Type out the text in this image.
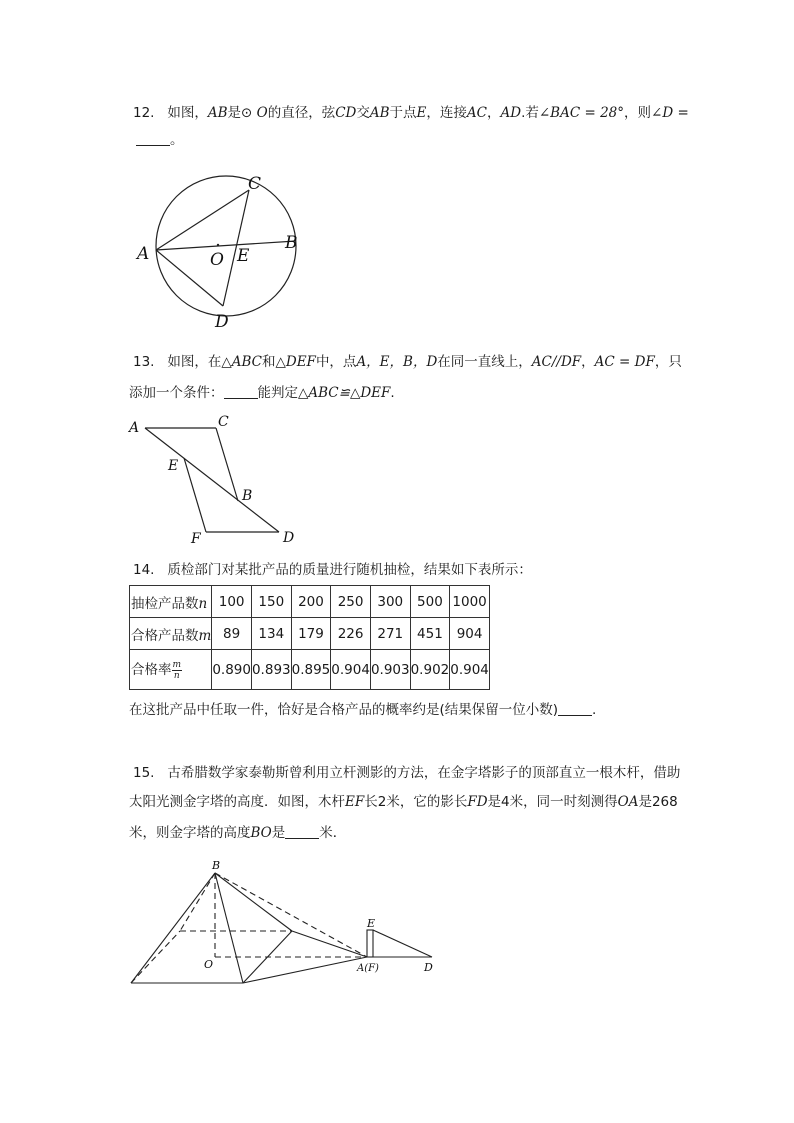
12. 如图，AB是⊙ O的直径，弦CD交AB于点E，连接AC，AD.若∠BAC = 28°，则∠D =
。
A
B
C
D
E
O
13. 如图，在△ABC和△DEF中，点A，E，B，D在同一直线上，AC//DF，AC = DF，只
添加一个条件：	能判定△ABC≌△DEF.
A	C
E
B
F	D
14. 质检部门对某批产品的质量进行随机抽检，结果如下表所示：
抽检产品数n	100	150	200	250	300	500	1000
合格产品数m	89	134	179	226	271	451	904
合格率 $\frac{m}{n}$	0.890	0.893	0.895	0.904	0.903	0.902	0.904
在这批产品中任取一件，恰好是合格产品的概率约是(结果保留一位小数)	.
15. 古希腊数学家泰勒斯曾利用立杆测影的方法，在金字塔影子的顶部直立一根木杆，借助
太阳光测金字塔的高度．如图，木杆EF长2米，它的影长FD是4米，同一时刻测得OA是268
米，则金字塔的高度BO是	米．
B
O
E
A(F)	D
